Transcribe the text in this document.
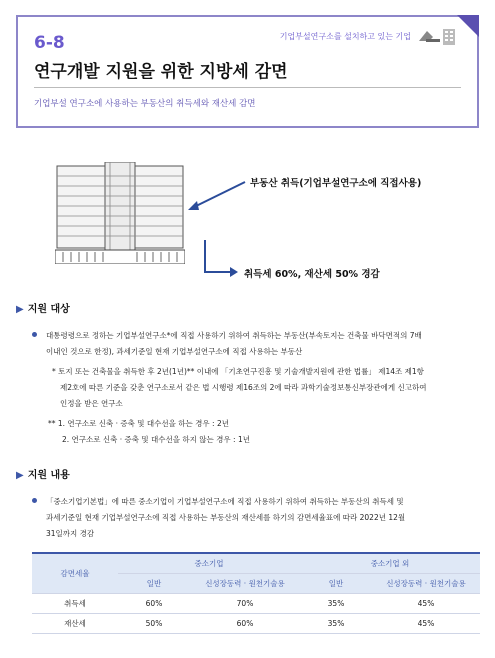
6-8	기업부설연구소를 설치하고 있는 기업
연구개발 지원을 위한 지방세 감면
기업부설 연구소에 사용하는 부동산의 취득세와 재산세 감면
부동산 취득(기업부설연구소에 직접사용)
취득세 60%, 재산세 50% 경감
▶ 지원 대상
대통령령으로 정하는 기업부설연구소*에 직접 사용하기 위하여 취득하는 부동산(부속토지는 건축물 바닥면적의 7배
이내인 것으로 한정), 과세기준일 현재 기업부설연구소에 직접 사용하는 부동산
* 토지 또는 건축물을 취득한 후 2년(1년)** 이내에 「기초연구진흥 및 기술개발지원에 관한 법률」 제14조 제1항
제2호에 따른 기준을 갖춘 연구소로서 같은 법 시행령 제16조의 2에 따라 과학기술정보통신부장관에게 신고하여
인정을 받은 연구소
** 1. 연구소로 신축 · 증축 및 대수선을 하는 경우 : 2년
2. 연구소로 신축 · 증축 및 대수선을 하지 않는 경우 : 1년
▶ 지원 내용
「중소기업기본법」에 따른 중소기업이 기업부설연구소에 직접 사용하기 위하여 취득하는 부동산의 취득세 및
과세기준일 현재 기업부설연구소에 직접 사용하는 부동산의 재산세를 하기의 감면세율표에 따라 2022년 12월
31일까지 경감
감면세율	중소기업		중소기업 외	
	일반	신성장동력 · 원천기술용	일반	신성장동력 · 원천기술용
취득세	60%	70%	35%	45%
재산세	50%	60%	35%	45%
